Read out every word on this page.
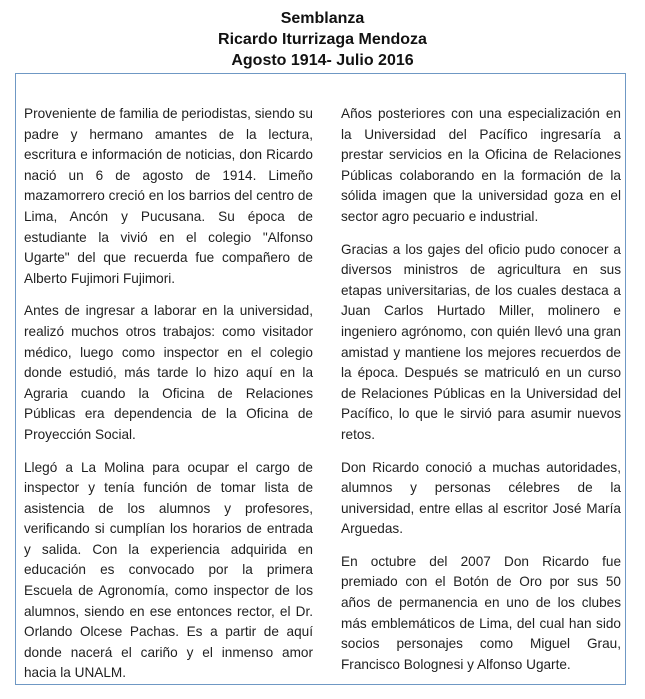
Semblanza
Ricardo Iturrizaga Mendoza
Agosto 1914- Julio 2016

Proveniente de familia de periodistas, siendo su padre y hermano amantes de la lectura, escritura e información de noticias, don Ricardo nació un 6 de agosto de 1914. Limeño mazamorrero creció en los barrios del centro de Lima, Ancón y Pucusana. Su época de estudiante la vivió en el colegio "Alfonso Ugarte" del que recuerda fue compañero de Alberto Fujimori Fujimori.

Antes de ingresar a laborar en la universidad, realizó muchos otros trabajos: como visitador médico, luego como inspector en el colegio donde estudió, más tarde lo hizo aquí en la Agraria cuando la Oficina de Relaciones Públicas era dependencia de la Oficina de Proyección Social.

Llegó a La Molina para ocupar el cargo de inspector y tenía función de tomar lista de asistencia de los alumnos y profesores, verificando si cumplían los horarios de entrada y salida. Con la experiencia adquirida en educación es convocado por la primera Escuela de Agronomía, como inspector de los alumnos, siendo en ese entonces rector, el Dr. Orlando Olcese Pachas. Es a partir de aquí donde nacerá el cariño y el inmenso amor hacia la UNALM.

Años posteriores con una especialización en la Universidad del Pacífico ingresaría a prestar servicios en la Oficina de Relaciones Públicas colaborando en la formación de la sólida imagen que la universidad goza en el sector agro pecuario e industrial.

Gracias a los gajes del oficio pudo conocer a diversos ministros de agricultura en sus etapas universitarias, de los cuales destaca a Juan Carlos Hurtado Miller, molinero e ingeniero agrónomo, con quién llevó una gran amistad y mantiene los mejores recuerdos de la época. Después se matriculó en un curso de Relaciones Públicas en la Universidad del Pacífico, lo que le sirvió para asumir nuevos retos.

Don Ricardo conoció a muchas autoridades, alumnos y personas célebres de la universidad, entre ellas al escritor José María Arguedas.

En octubre del 2007 Don Ricardo fue premiado con el Botón de Oro por sus 50 años de permanencia en uno de los clubes más emblemáticos de Lima, del cual han sido socios personajes como Miguel Grau, Francisco Bolognesi y Alfonso Ugarte.
